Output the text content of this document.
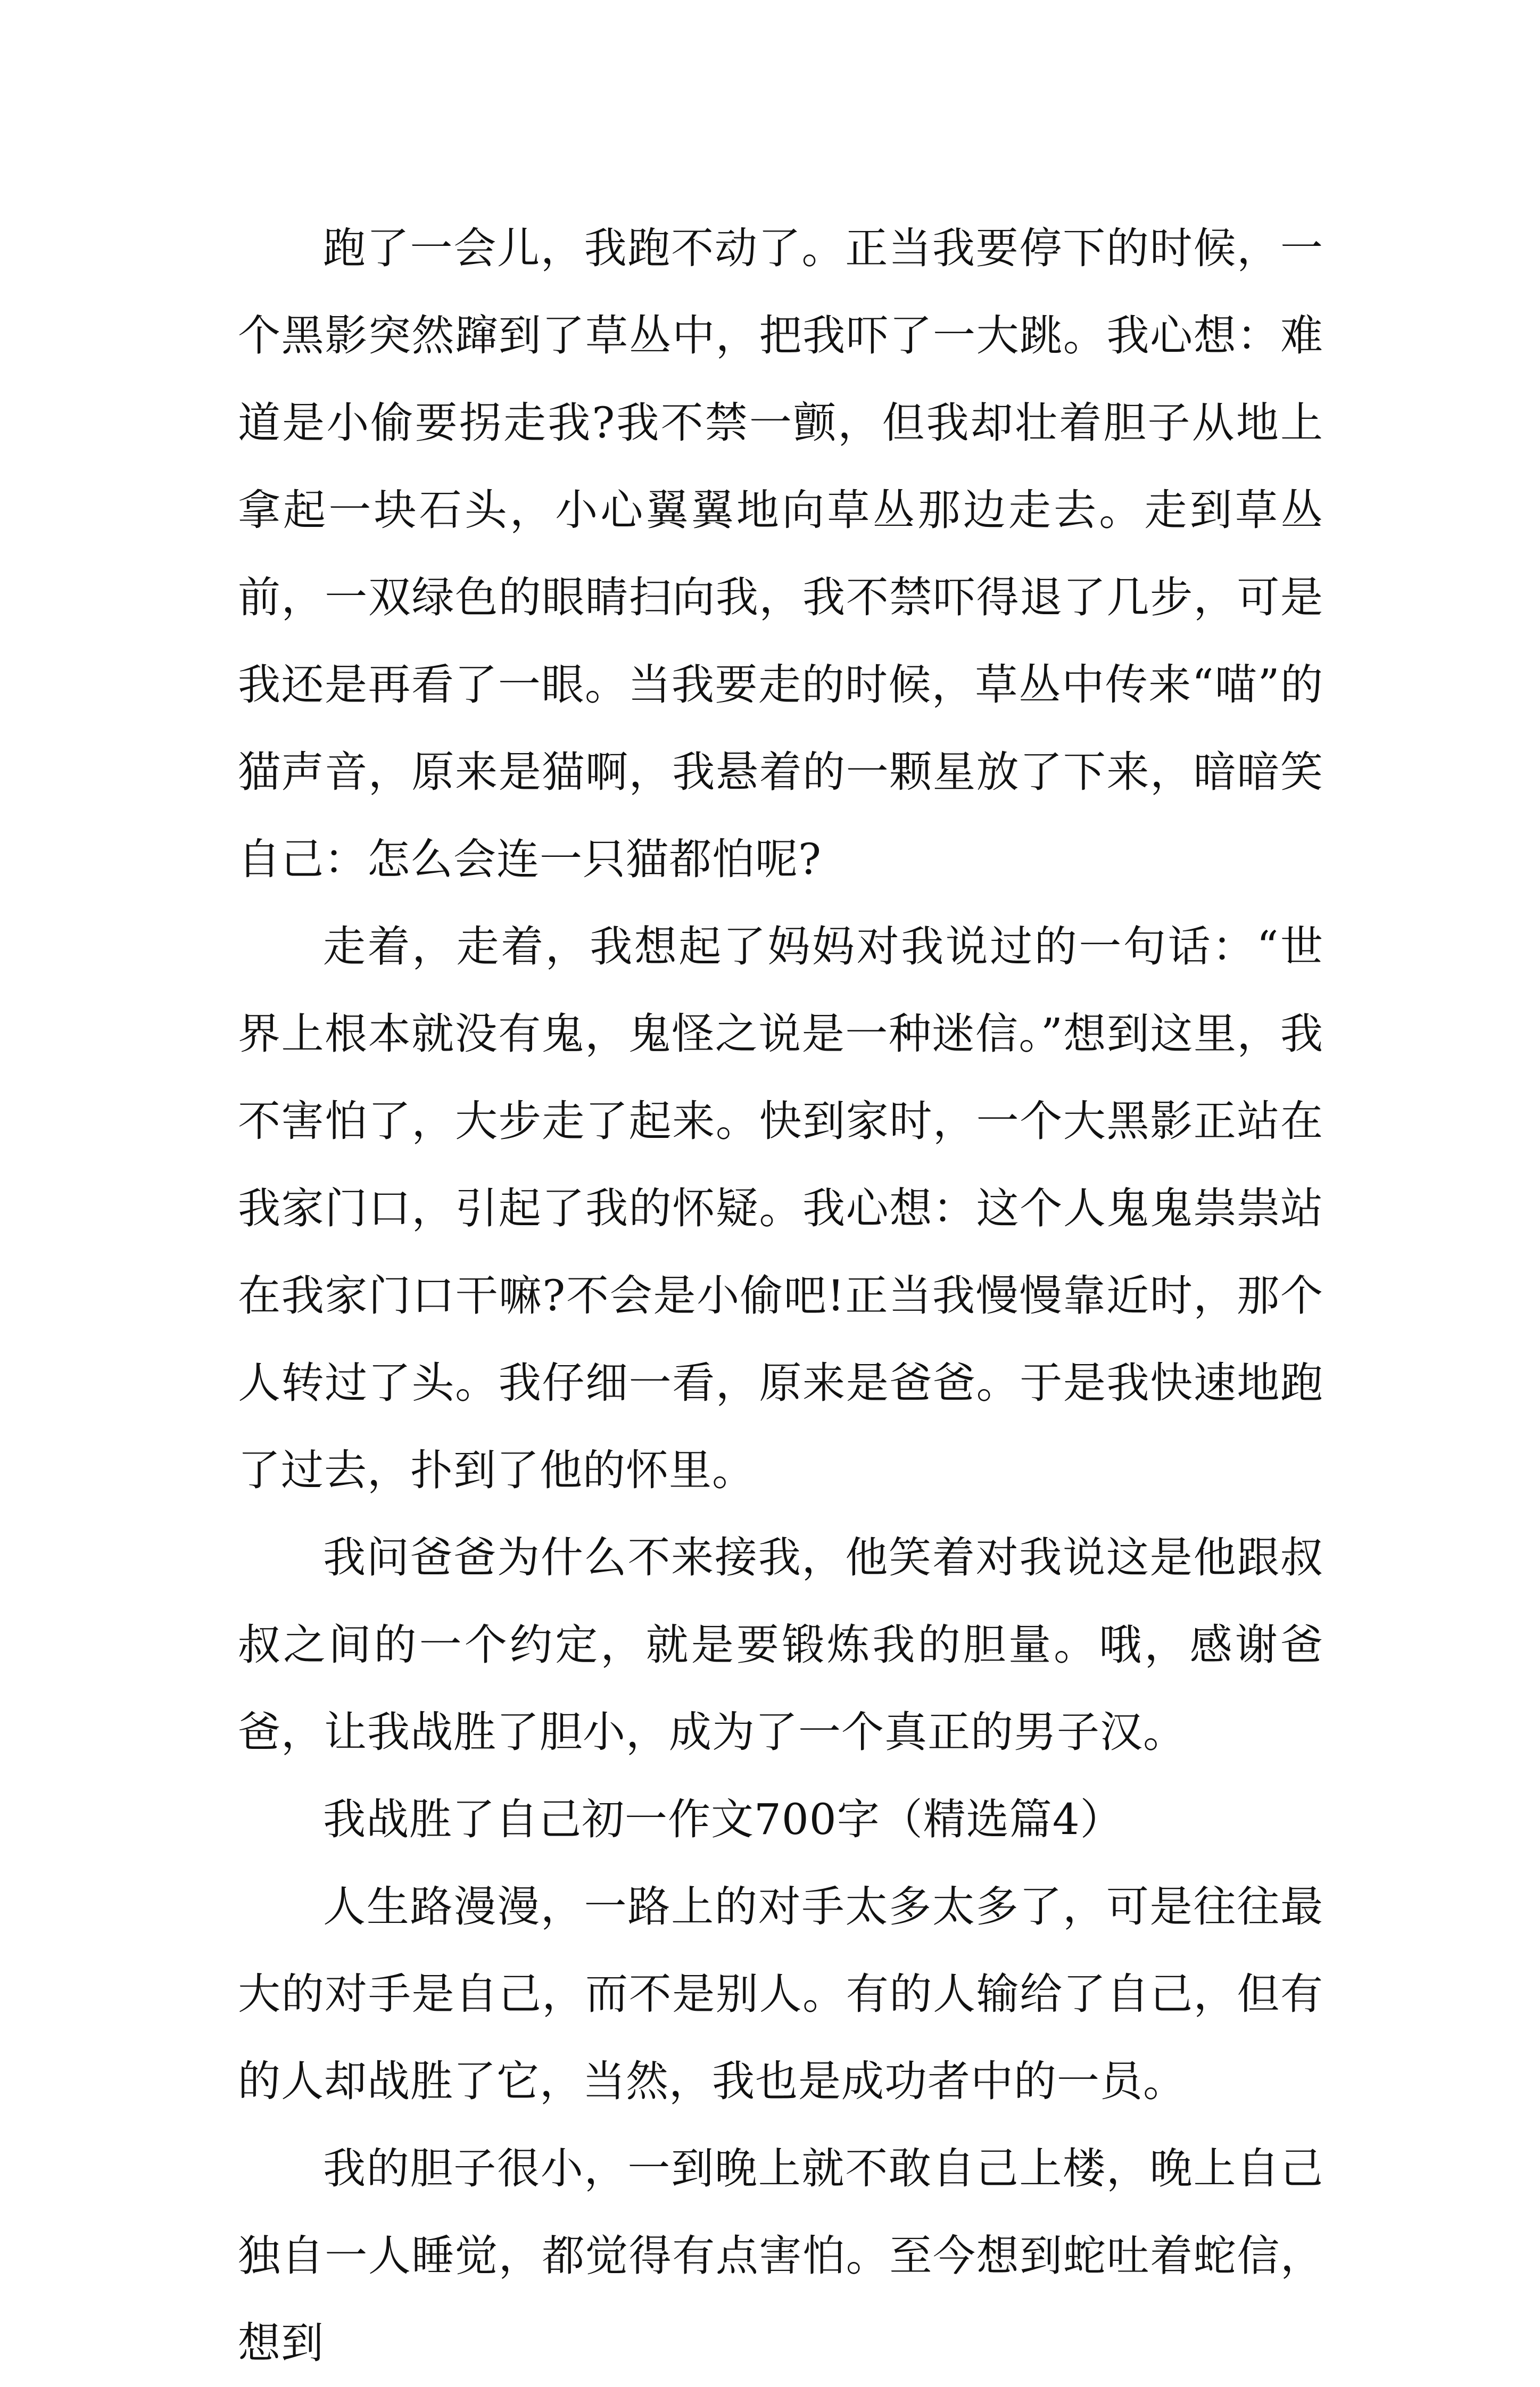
跑了一会儿，我跑不动了。正当我要停下的时候，一个黑影突然蹿到了草丛中，把我吓了一大跳。我心想：难道是小偷要拐走我?我不禁一颤，但我却壮着胆子从地上拿起一块石头，小心翼翼地向草丛那边走去。走到草丛前，一双绿色的眼睛扫向我，我不禁吓得退了几步，可是我还是再看了一眼。当我要走的时候，草丛中传来“喵”的猫声音，原来是猫啊，我悬着的一颗星放了下来，暗暗笑自己：怎么会连一只猫都怕呢?

走着，走着，我想起了妈妈对我说过的一句话：“世界上根本就没有鬼，鬼怪之说是一种迷信。”想到这里，我不害怕了，大步走了起来。快到家时，一个大黑影正站在我家门口，引起了我的怀疑。我心想：这个人鬼鬼祟祟站在我家门口干嘛?不会是小偷吧!正当我慢慢靠近时，那个人转过了头。我仔细一看，原来是爸爸。于是我快速地跑了过去，扑到了他的怀里。

我问爸爸为什么不来接我，他笑着对我说这是他跟叔叔之间的一个约定，就是要锻炼我的胆量。哦，感谢爸爸，让我战胜了胆小，成为了一个真正的男子汉。

我战胜了自己初一作文700字（精选篇4）

人生路漫漫，一路上的对手太多太多了，可是往往最大的对手是自己，而不是别人。有的人输给了自己，但有的人却战胜了它，当然，我也是成功者中的一员。

我的胆子很小，一到晚上就不敢自己上楼，晚上自己独自一人睡觉，都觉得有点害怕。至今想到蛇吐着蛇信，想到
